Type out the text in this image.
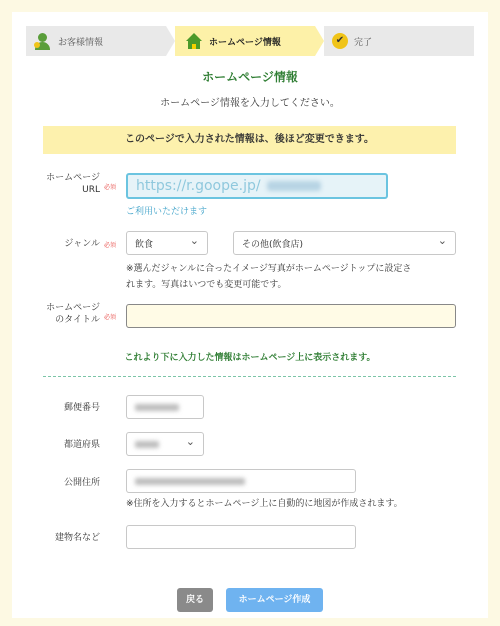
お客様情報	ホームページ情報	✔	完了
ホームページ情報
ホームページ情報を入力してください。
このページで入力された情報は、後ほど変更できます。
ホームページ
URL 必須 https://r.goope.jp/
ご利用いただけます
ジャンル 必須 飲食
⌄	その他(飲食店)
⌄
※選んだジャンルに合ったイメージ写真がホームページトップに設定さ
れます。写真はいつでも変更可能です。
ホームページ
のタイトル 必須
これより下に入力した情報はホームページ上に表示されます。
郵便番号
都道府県
⌄
公開住所
※住所を入力するとホームページ上に自動的に地図が作成されます。
建物名など
戻る	ホームページ作成
